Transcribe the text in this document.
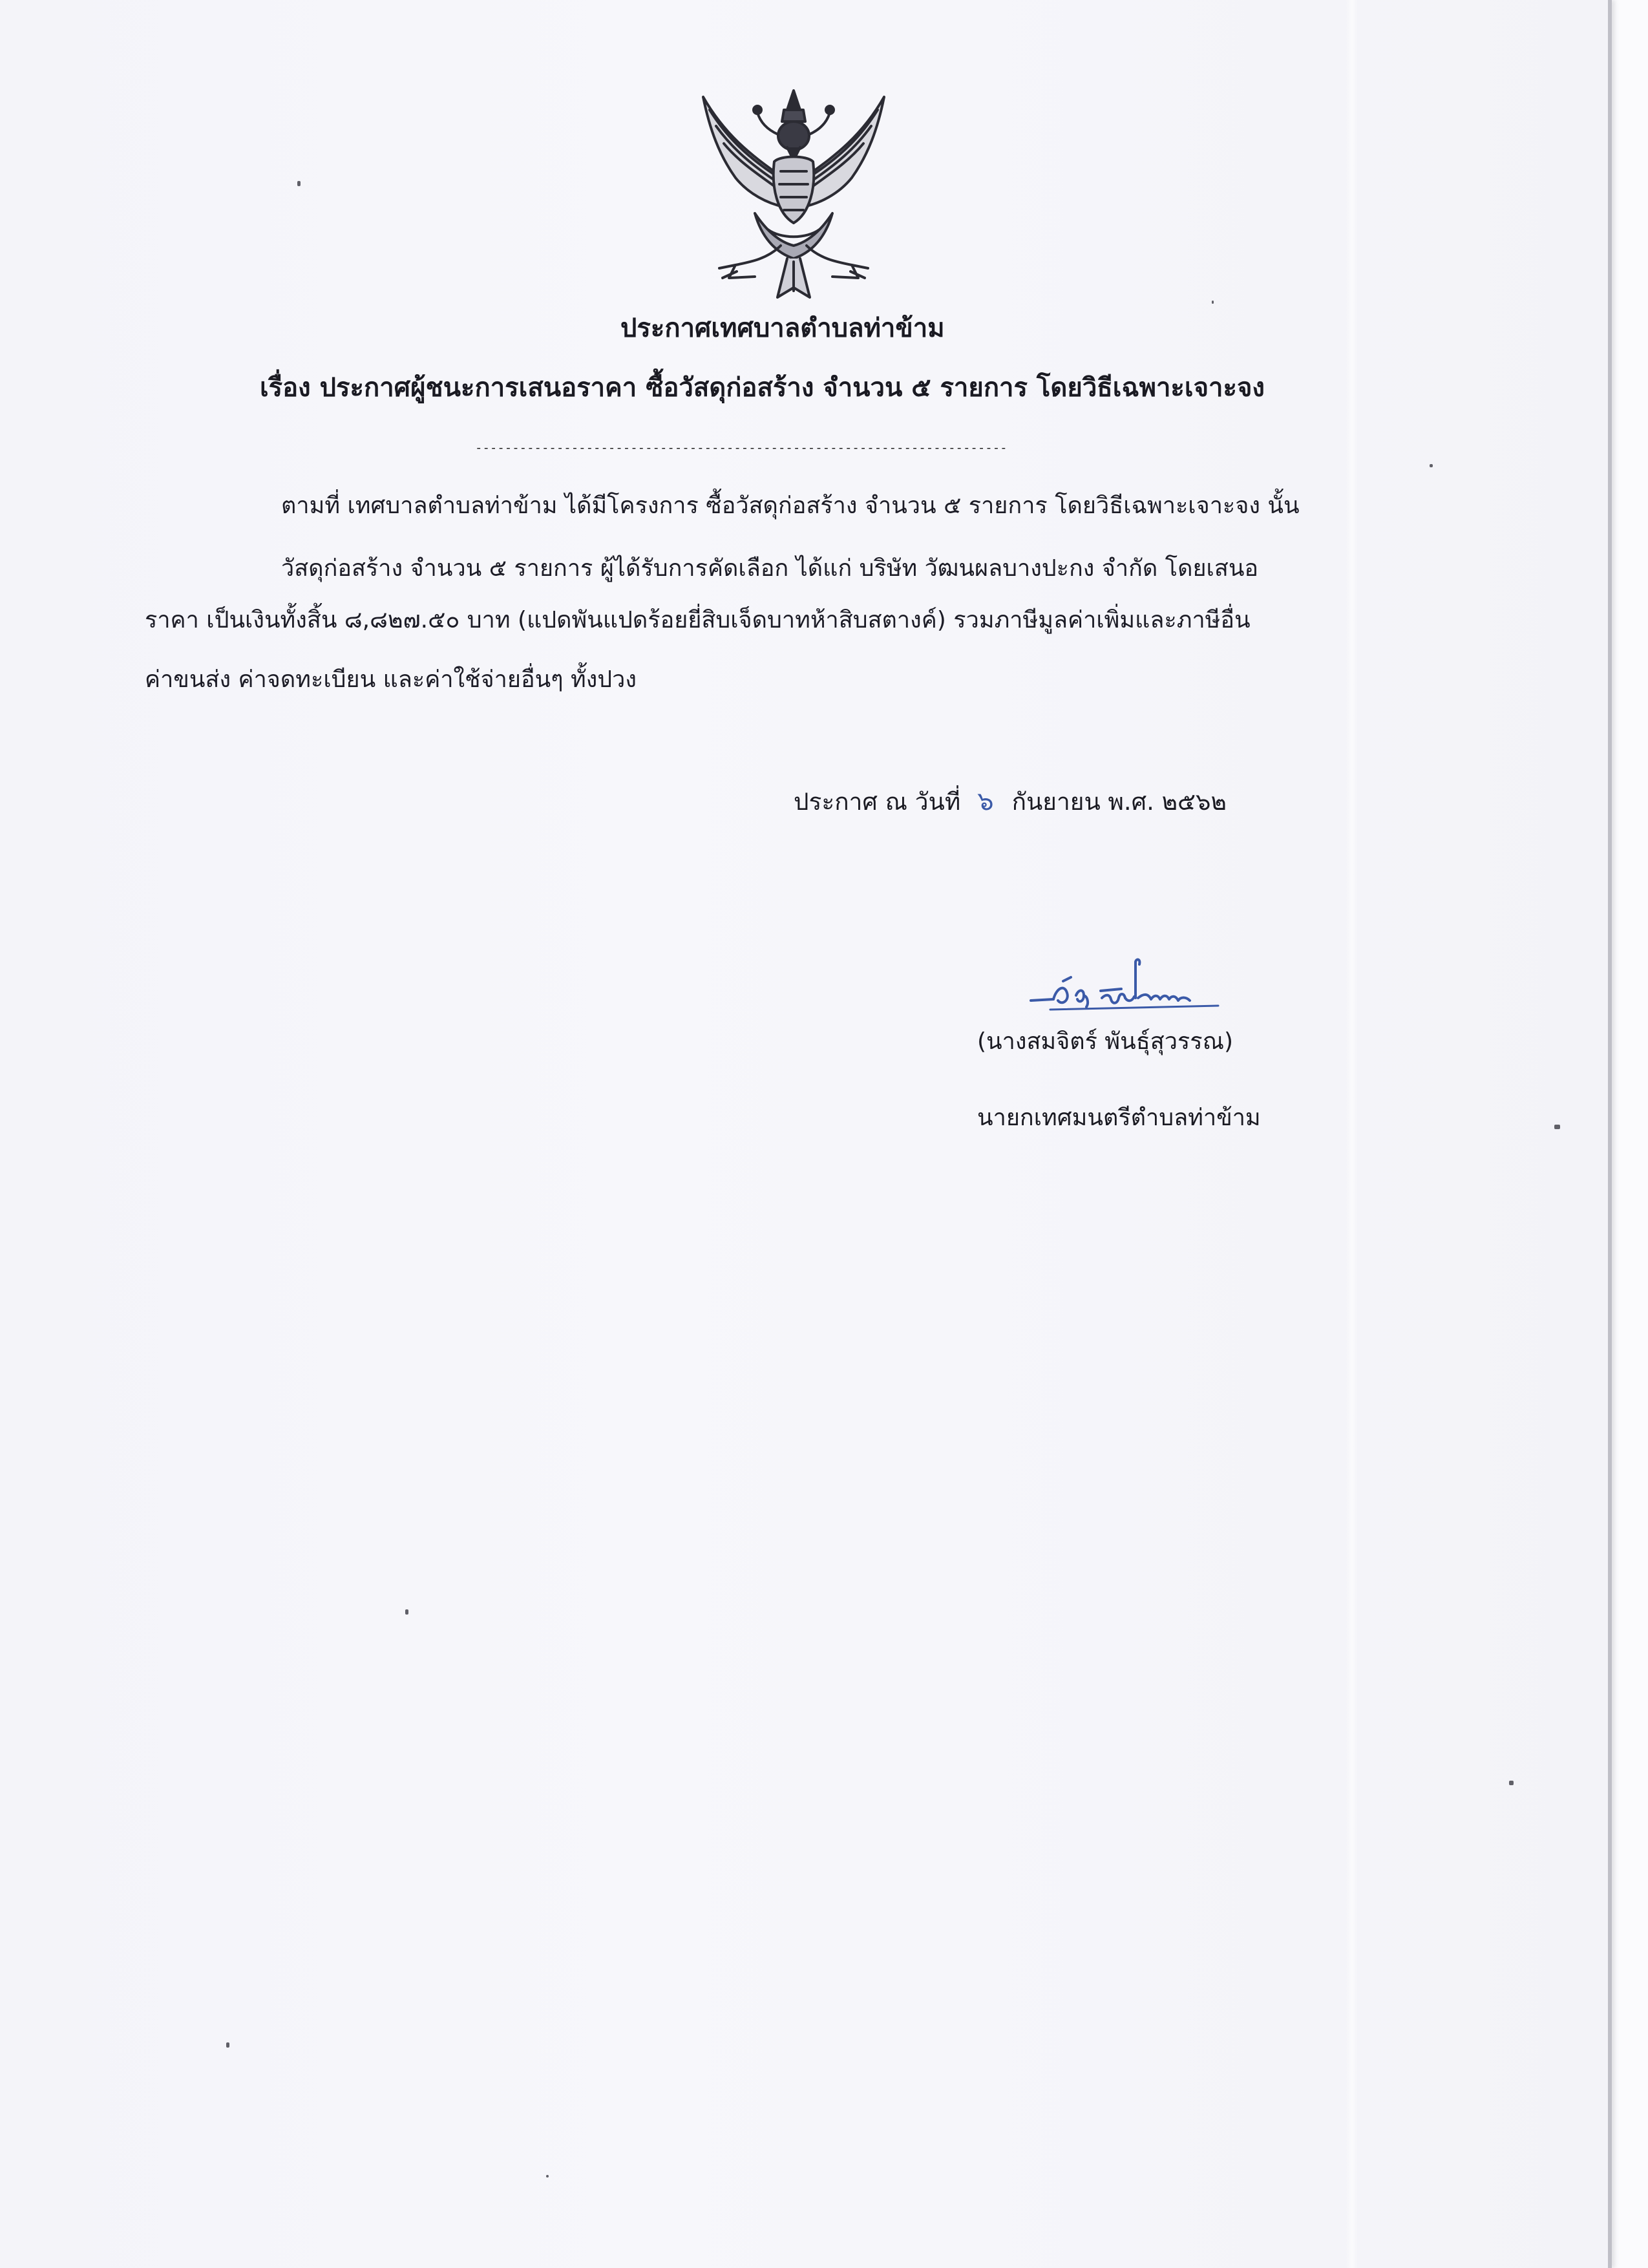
ประกาศเทศบาลตำบลท่าข้าม

เรื่อง ประกาศผู้ชนะการเสนอราคา ซื้อวัสดุก่อสร้าง จำนวน ๕ รายการ โดยวิธีเฉพาะเจาะจง

------------------------------------------------------------------------

ตามที่ เทศบาลตำบลท่าข้าม ได้มีโครงการ ซื้อวัสดุก่อสร้าง จำนวน ๕ รายการ โดยวิธีเฉพาะเจาะจง นั้น

วัสดุก่อสร้าง จำนวน ๕ รายการ ผู้ได้รับการคัดเลือก ได้แก่ บริษัท วัฒนผลบางปะกง จำกัด โดยเสนอ

ราคา เป็นเงินทั้งสิ้น ๘,๘๒๗.๕๐ บาท (แปดพันแปดร้อยยี่สิบเจ็ดบาทห้าสิบสตางค์) รวมภาษีมูลค่าเพิ่มและภาษีอื่น

ค่าขนส่ง ค่าจดทะเบียน และค่าใช้จ่ายอื่นๆ ทั้งปวง

ประกาศ ณ วันที่ ๖ กันยายน พ.ศ. ๒๕๖๒

(นางสมจิตร์ พันธุ์สุวรรณ)

นายกเทศมนตรีตำบลท่าข้าม
